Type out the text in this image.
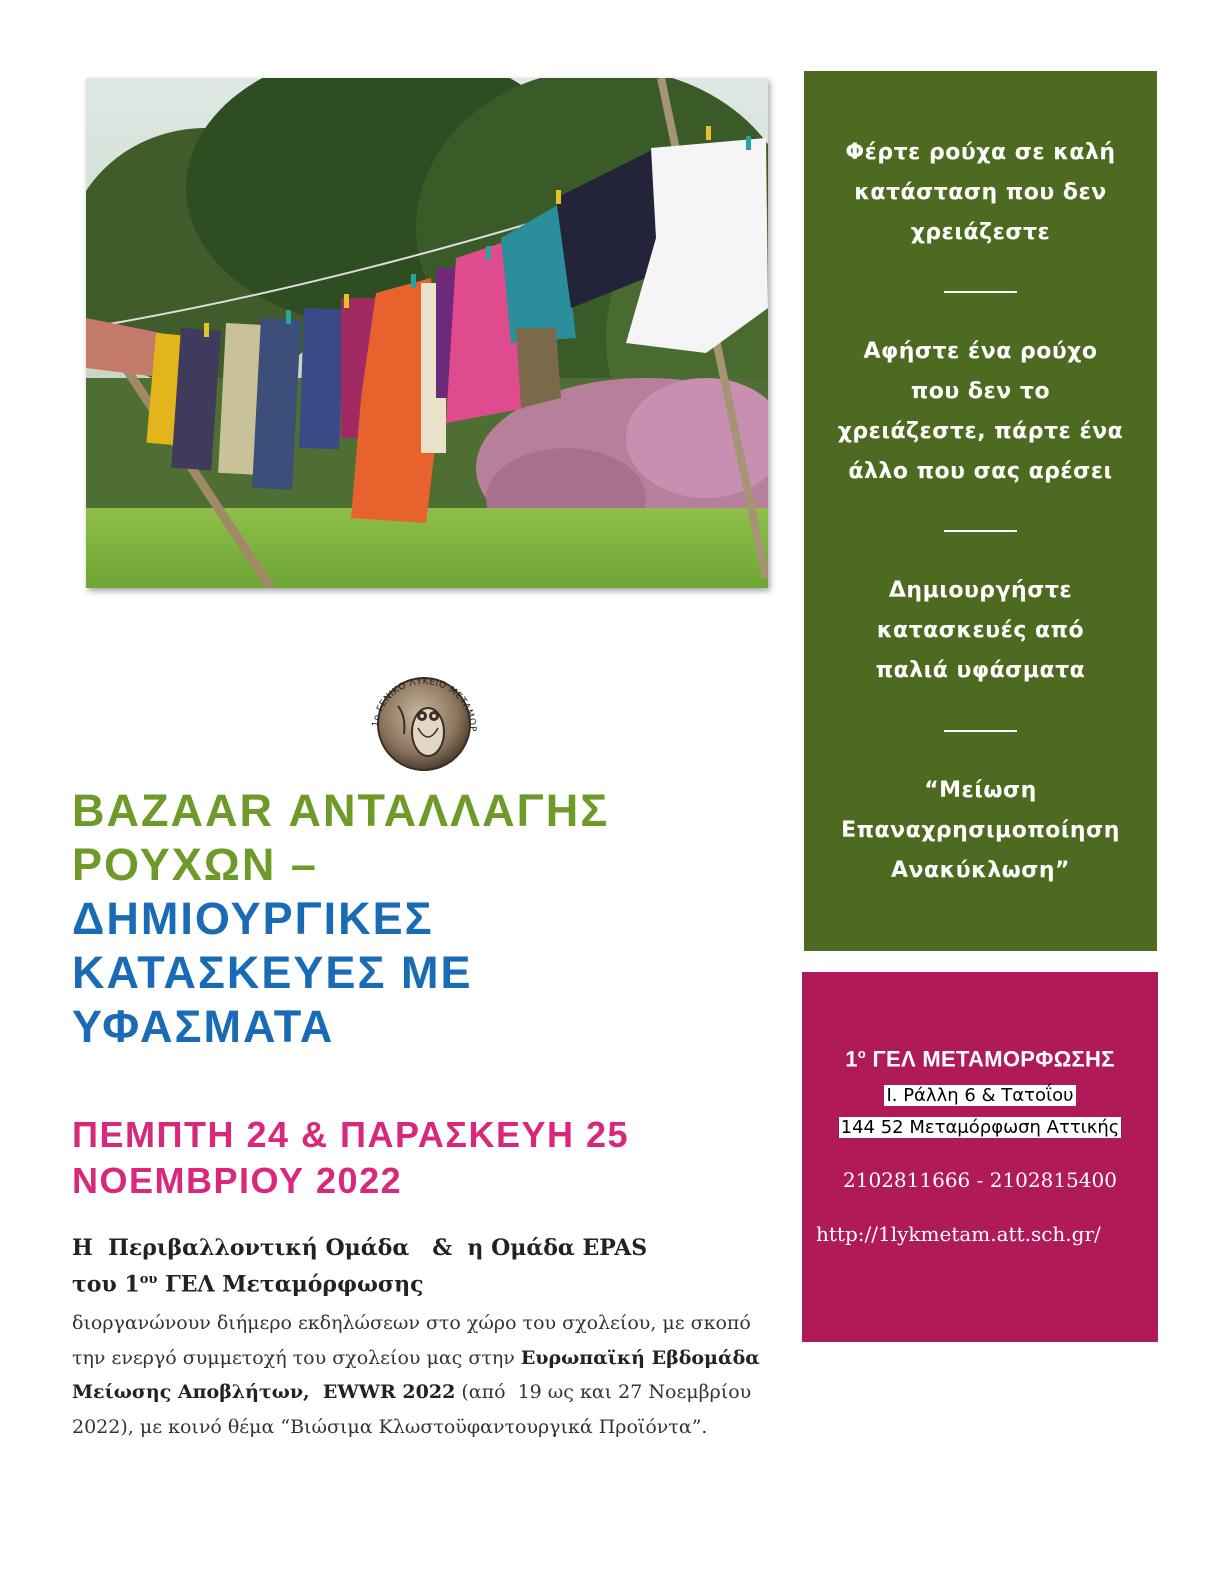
Φέρτε ρούχα σε καλή
κατάσταση που δεν
χρειάζεστε
Αφήστε ένα ρούχο
που δεν το
χρειάζεστε, πάρτε ένα
άλλο που σας αρέσει
Δημιουργήστε
κατασκευές από
παλιά υφάσματα
“Μείωση
Επαναχρησιμοποίηση
Ανακύκλωση”
$1^o$ ΓΕΛ ΜΕΤΑΜΟΡΦΩΣΗΣ
Ι. Ράλλη 6 & Τατοΐου
144 52 Μεταμόρφωση Αττικής
2102811666 - 2102815400
http://1lykmetam.att.sch.gr/
1ο ΓΕΝΙΚΟ ΛΥΚΕΙΟ ΜΕΤΑΜΟΡ
BAZAAR ΑΝΤΑΛΛΑΓΗΣ
ΡΟΥΧΩΝ –
ΔΗΜΙΟΥΡΓΙΚΕΣ
ΚΑΤΑΣΚΕΥΕΣ ΜΕ
ΥΦΑΣΜΑΤΑ
ΠΕΜΠΤΗ 24 & ΠΑΡΑΣΚΕΥΗ 25
ΝΟΕΜΒΡΙΟΥ 2022
Η  Περιβαλλοντική Ομάδα   &  η Ομάδα EPAS
του $1^{o\upsilon}$ ΓΕΛ Μεταμόρφωσης
διοργανώνουν διήμερο εκδηλώσεων στο χώρο του σχολείου, με σκοπό την ενεργό συμμετοχή του σχολείου μας στην Ευρωπαϊκή Εβδομάδα Μείωσης Αποβλήτων,  EWWR 2022 (από  19 ως και 27 Νοεμβρίου 2022), με κοινό θέμα “Βιώσιμα Κλωστοϋφαντουργικά Προϊόντα”.
